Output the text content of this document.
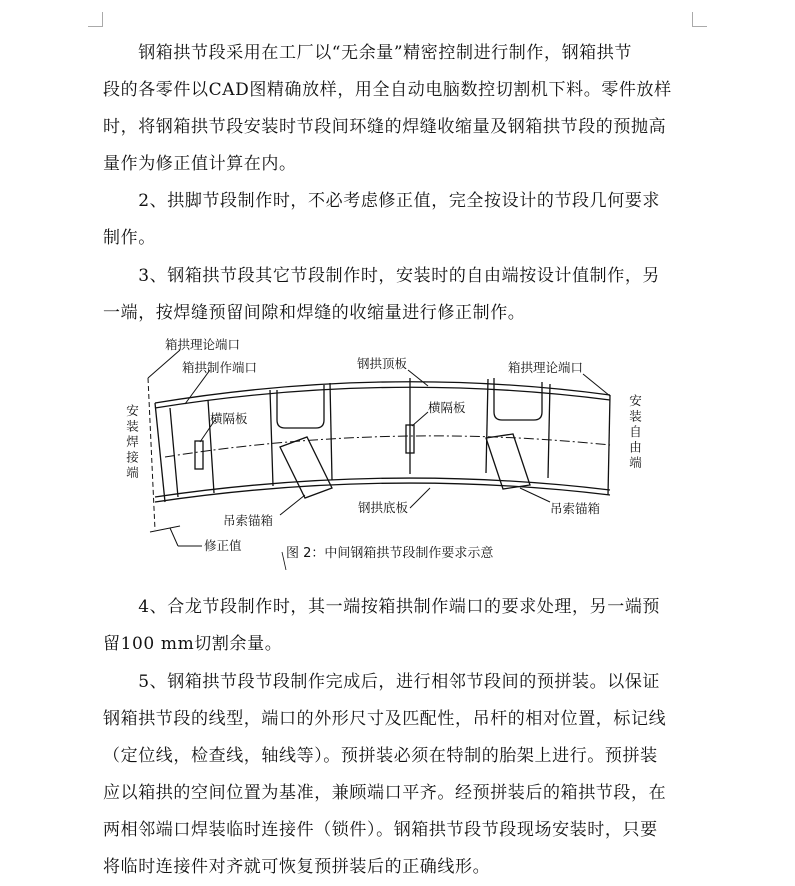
　　钢箱拱节段采用在工厂以“无余量”精密控制进行制作，钢箱拱节
段的各零件以CAD图精确放样，用全自动电脑数控切割机下料。零件放样
时，将钢箱拱节段安装时节段间环缝的焊缝收缩量及钢箱拱节段的预抛高
量作为修正值计算在内。
　　2、拱脚节段制作时，不必考虑修正值，完全按设计的节段几何要求
制作。
　　3、钢箱拱节段其它节段制作时，安装时的自由端按设计值制作，另
一端，按焊缝预留间隙和焊缝的收缩量进行修正制作。
箱拱理论端口
箱拱制作端口	钢拱顶板	箱拱理论端口
横隔板
横隔板
钢拱底板
吊索锚箱
吊索锚箱
修正值
安装焊接端	安装自由端
图 2：中间钢箱拱节段制作要求示意
　　4、合龙节段制作时，其一端按箱拱制作端口的要求处理，另一端预
留100 mm切割余量。
　　5、钢箱拱节段节段制作完成后，进行相邻节段间的预拼装。以保证
钢箱拱节段的线型，端口的外形尺寸及匹配性，吊杆的相对位置，标记线
（定位线，检查线，轴线等）。预拼装必须在特制的胎架上进行。预拼装
应以箱拱的空间位置为基准，兼顾端口平齐。经预拼装后的箱拱节段，在
两相邻端口焊装临时连接件（锁件）。钢箱拱节段节段现场安装时，只要
将临时连接件对齐就可恢复预拼装后的正确线形。
